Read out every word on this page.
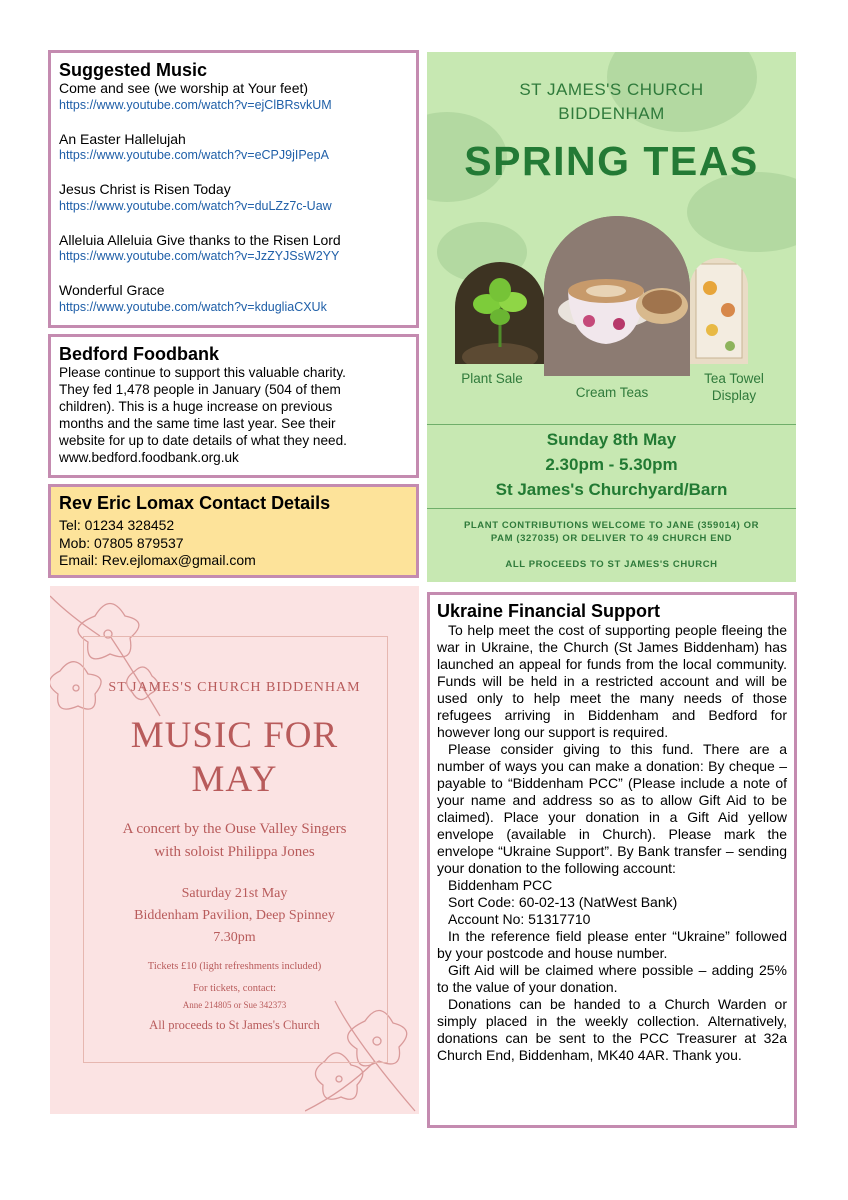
Suggested Music
Come and see (we worship at Your feet)
https://www.youtube.com/watch?v=ejClBRsvkUM
An Easter Hallelujah
https://www.youtube.com/watch?v=eCPJ9jIPepA
Jesus Christ is Risen Today
https://www.youtube.com/watch?v=duLZz7c-Uaw
Alleluia Alleluia Give thanks to the Risen Lord
https://www.youtube.com/watch?v=JzZYJSsW2YY
Wonderful Grace
https://www.youtube.com/watch?v=kdugliaCXUk
Bedford Foodbank
Please continue to support this valuable charity.
They fed 1,478 people in January (504 of them
children). This is a huge increase on previous
months and the same time last year. See their
website for up to date details of what they need.
www.bedford.foodbank.org.uk
Rev Eric Lomax Contact Details
Tel: 01234 328452
Mob: 07805 879537
Email: Rev.ejlomax@gmail.com
ST JAMES'S CHURCH
BIDDENHAM
SPRING TEAS
Plant Sale
Cream Teas
Tea Towel
Display
Sunday 8th May
2.30pm - 5.30pm
St James's Churchyard/Barn
PLANT CONTRIBUTIONS WELCOME TO JANE (359014) OR
PAM (327035) OR DELIVER TO 49 CHURCH END
ALL PROCEEDS TO ST JAMES'S CHURCH
ST JAMES'S CHURCH BIDDENHAM
MUSIC FOR
MAY
A concert by the Ouse Valley Singers
with soloist Philippa Jones
Saturday 21st May
Biddenham Pavilion, Deep Spinney
7.30pm
Tickets £10 (light refreshments included)
For tickets, contact:
Anne 214805 or Sue 342373
All proceeds to St James's Church
Ukraine Financial Support

To help meet the cost of supporting people fleeing the war in Ukraine, the Church (St James Biddenham) has launched an appeal for funds from the local community. Funds will be held in a restricted account and will be used only to help meet the many needs of those refugees arriving in Biddenham and Bedford for however long our support is required.

Please consider giving to this fund. There are a number of ways you can make a donation: By cheque – payable to “Biddenham PCC” (Please include a note of your name and address so as to allow Gift Aid to be claimed). Place your donation in a Gift Aid yellow envelope (available in Church). Please mark the envelope “Ukraine Support”. By Bank transfer – sending your donation to the following account:

Biddenham PCC

Sort Code: 60-02-13 (NatWest Bank)

Account No: 51317710

In the reference field please enter “Ukraine” followed by your postcode and house number.

Gift Aid will be claimed where possible – adding 25% to the value of your donation.

Donations can be handed to a Church Warden or simply placed in the weekly collection. Alternatively, donations can be sent to the PCC Treasurer at 32a Church End, Biddenham, MK40 4AR. Thank you.
